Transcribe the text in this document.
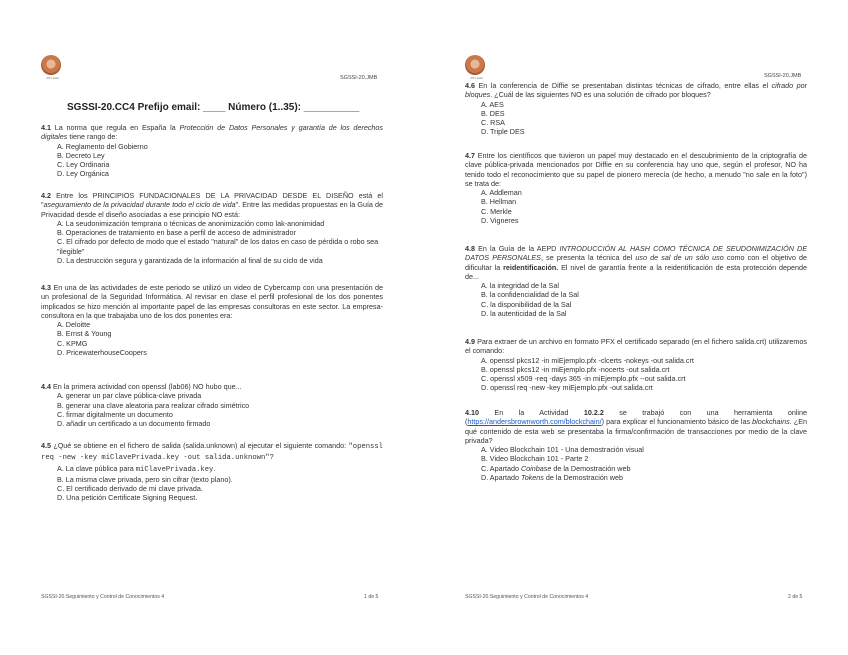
UPV EHU	SGSSI-20.JMB
SGSSI-20.CC4 Prefijo email: ____ Número (1..35): __________
4.1 La norma que regula en España la Protección de Datos Personales y garantía de los derechos digitales tiene rango de:
A. Reglamento del Gobierno
B. Decreto Ley
C. Ley Ordinaria
D. Ley Orgánica
4.2 Entre los PRINCIPIOS FUNDACIONALES DE LA PRIVACIDAD DESDE EL DISEÑO está el "aseguramiento de la privacidad durante todo el ciclo de vida". Entre las medidas propuestas en la Guía de Privacidad desde el diseño asociadas a ese principio NO está:
A. La seudonimización temprana o técnicas de anonimización como lak-anonimidad
B. Operaciones de tratamiento en base a perfil de acceso de administrador
C. El cifrado por defecto de modo que el estado "natural" de los datos en caso de pérdida o robo sea "ilegible"
D. La destrucción segura y garantizada de la información al final de su ciclo de vida
4.3 En una de las actividades de este periodo se utilizó un video de Cybercamp con una presentación de un profesional de la Seguridad Informática. Al revisar en clase el perfil profesional de los dos ponentes implicados se hizo mención al importante papel de las empresas consultoras en este sector. La empresa-consultora en la que trabajaba uno de los dos ponentes era:
A. Deloitte
B. Ernst & Young
C. KPMG
D. PricewaterhouseCoopers
4.4 En la primera actividad con openssl (lab06) NO hubo que...
A. generar un par clave pública-clave privada
B. generar una clave aleatoria para realizar cifrado simétrico
C. firmar digitalmente un documento
D. añadir un certificado a un documento firmado
4.5 ¿Qué se obtiene en el fichero de salida (salida.unknown) al ejecutar el siguiente comando: "openssl req -new -key miClavePrivada.key -out salida.unknown"?
A. La clave pública para miClavePrivada.key.
B. La misma clave privada, pero sin cifrar (texto plano).
C. El certificado derivado de mi clave privada.
D. Una petición Certificate Signing Request.
SGSSI-20.Seguimiento y Control de Conocimientos 4	1 de 5
UPV EHU	SGSSI-20.JMB
4.6 En la conferencia de Diffie se presentaban distintas técnicas de cifrado, entre ellas el cifrado por bloques. ¿Cuál de las siguientes NO es una solución de cifrado por bloques?
A. AES
B. DES
C. RSA
D. Triple DES
4.7 Entre los científicos que tuvieron un papel muy destacado en el descubrimiento de la criptografía de clave pública-privada mencionados por Diffie en su conferencia hay uno que, según el profesor, NO ha tenido todo el reconocimiento que su papel de pionero merecía (de hecho, a menudo "no sale en la foto") se trata de:
A. Addleman
B. Hellman
C. Merkle
D. Vigneres
4.8 En la Guía de la AEPD INTRODUCCIÓN AL HASH COMO TÉCNICA DE SEUDONIMIZACIÓN DE DATOS PERSONALES, se presenta la técnica del uso de sal de un sólo uso como con el objetivo de dificultar la reidentificación. El nivel de garantía frente a la reidentificación de esta protección depende de...
A. la integridad de la Sal
B. la confidencialidad de la Sal
C. la disponibilidad de la Sal
D. la autenticidad de la Sal
4.9 Para extraer de un archivo en formato PFX el certificado separado (en el fichero salida.crt) utilizaremos el comando:
A. openssl pkcs12 -in miEjemplo.pfx -clcerts -nokeys -out salida.crt
B. openssl pkcs12 -in miEjemplo.pfx -nocerts -out salida.crt
C. openssl x509 -req -days 365 -in miEjemplo.pfx --out salida.crt
D. openssl req -new -key miEjemplo.pfx -out salida.crt
4.10 En la Actividad 10.2.2 se trabajó con una herramienta online (https://andersbrownworth.com/blockchain/) para explicar el funcionamiento básico de las blockchains. ¿En qué contenido de esta web se presentaba la firma/confirmación de transacciones por medio de la clave privada?
A. Video Blockchain 101 - Una demostración visual
B. Video Blockchain 101 - Parte 2
C. Apartado Coinbase de la Demostración web
D. Apartado Tokens de la Demostración web
SGSSI-20.Seguimiento y Control de Conocimientos 4	2 de 5
